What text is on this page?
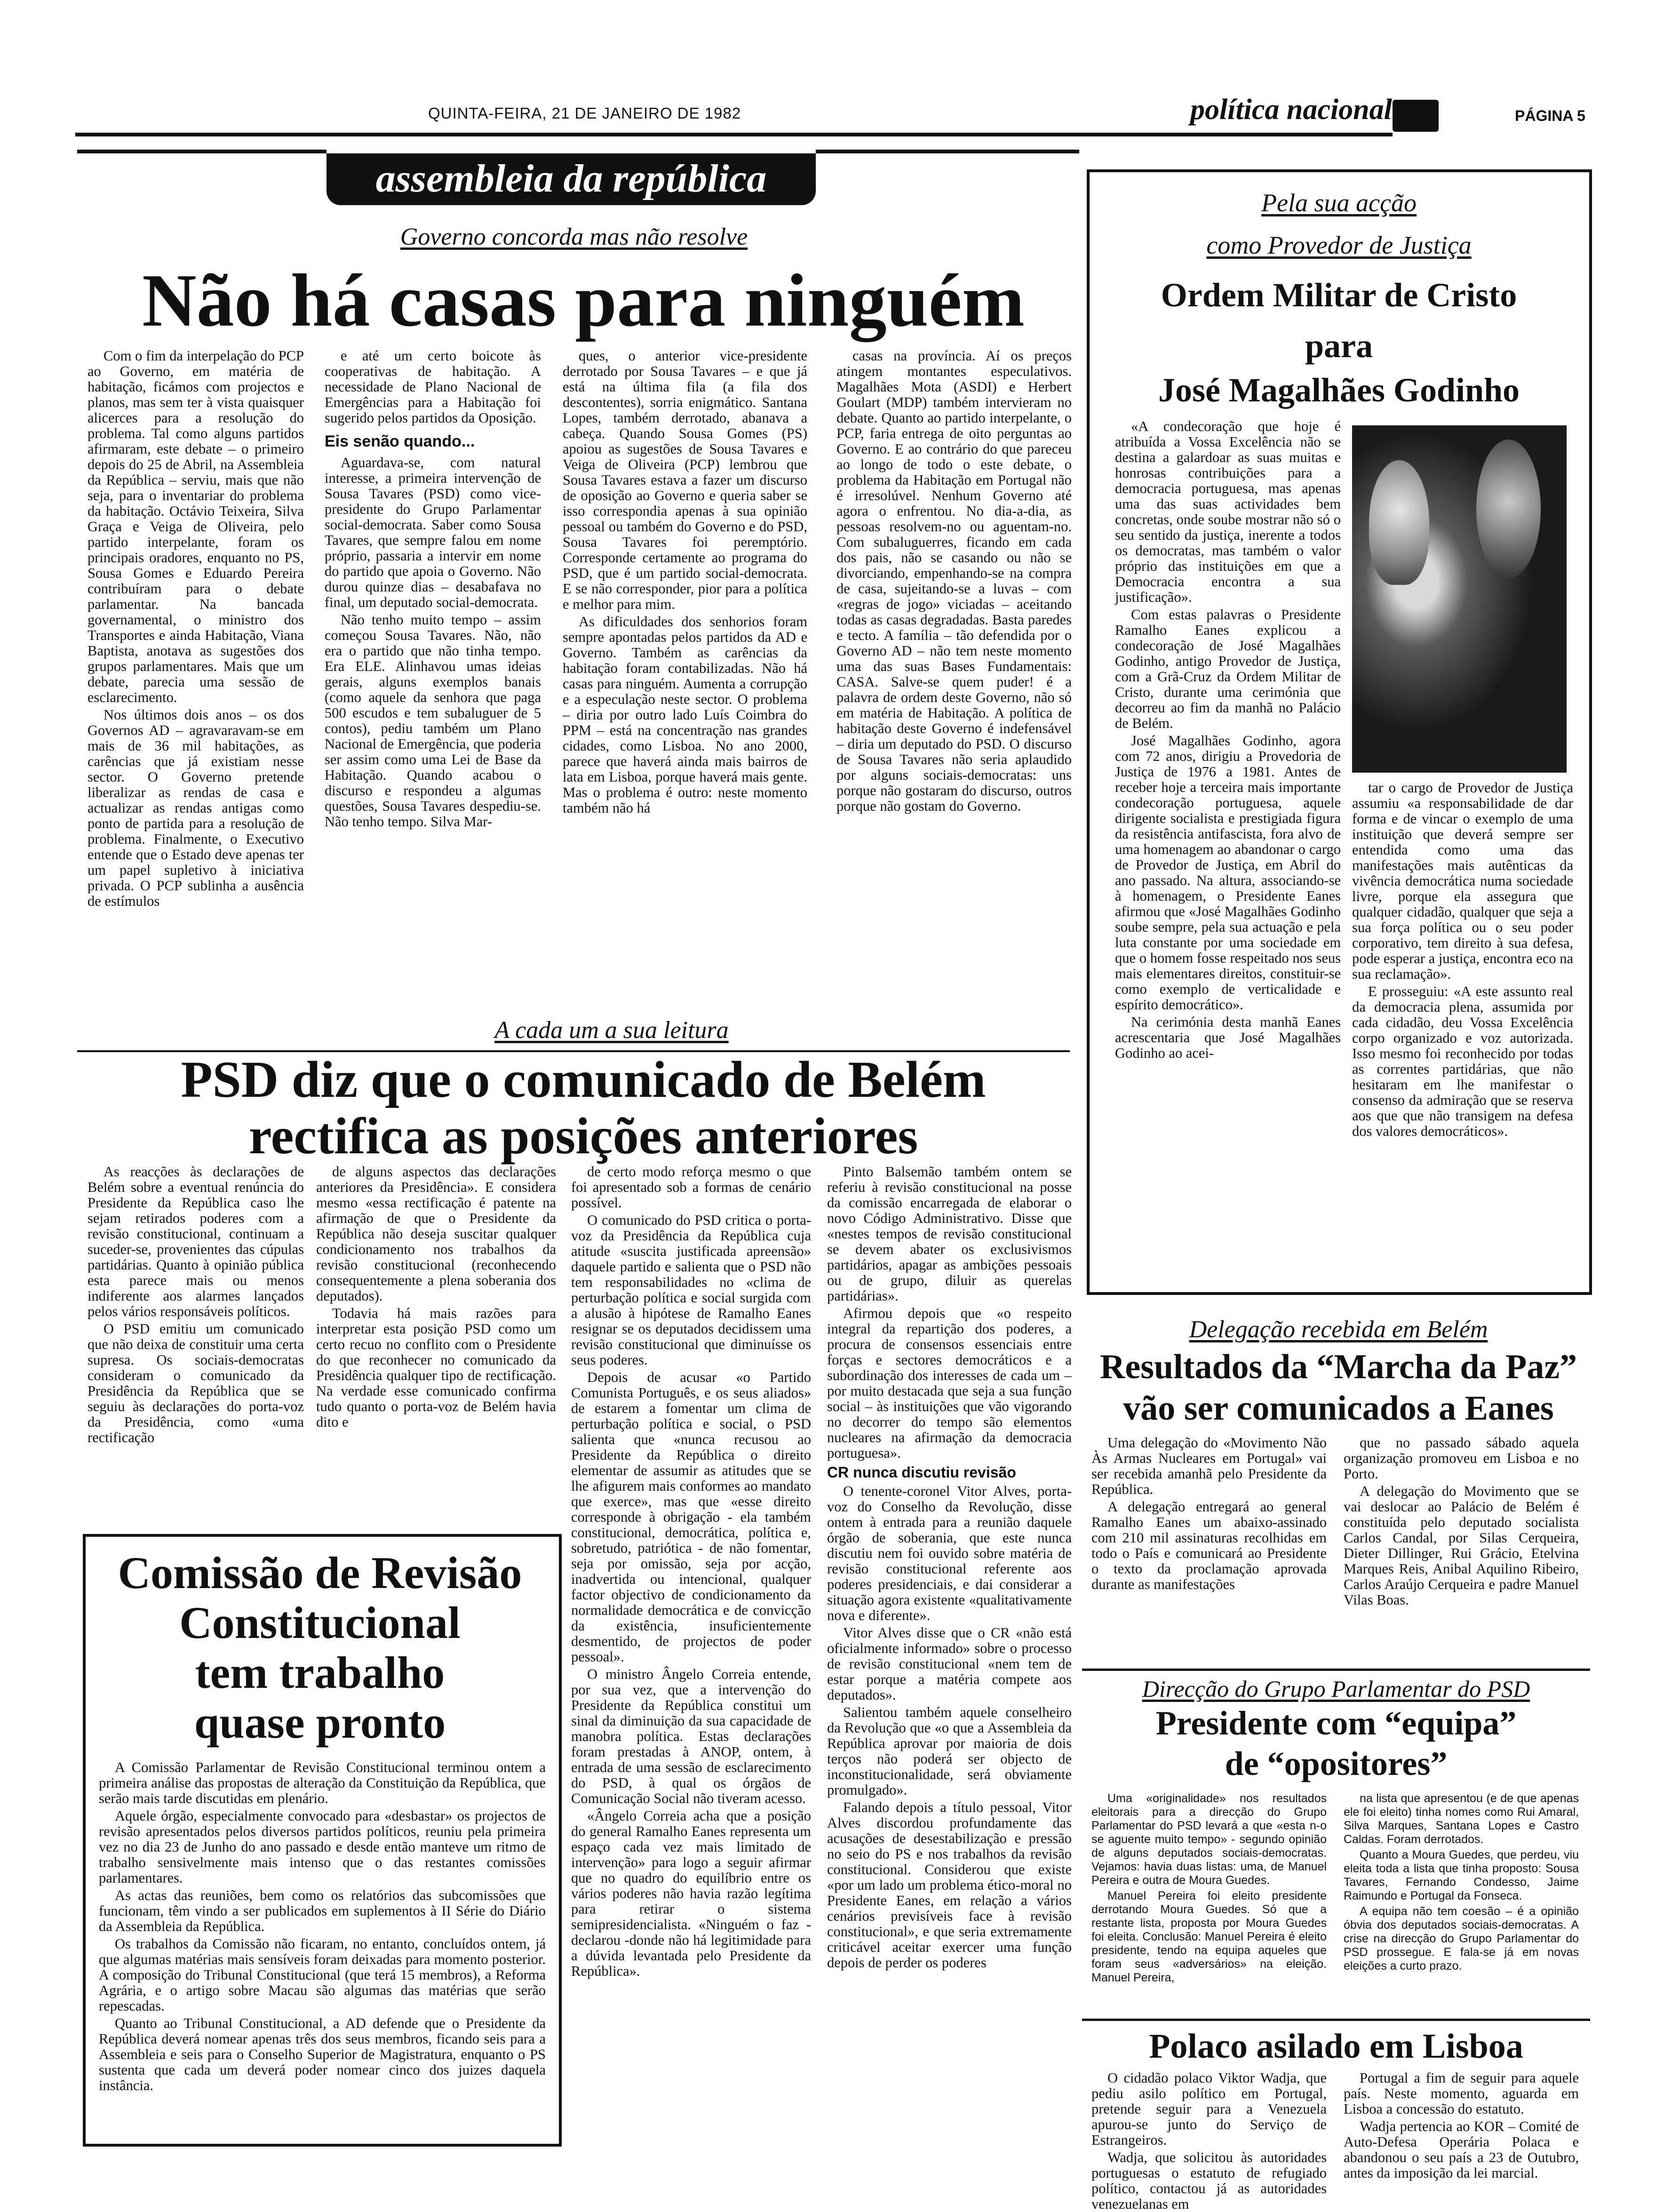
QUINTA-FEIRA, 21 DE JANEIRO DE 1982	política nacional	PÁGINA 5
assembleia da república
Governo concorda mas não resolve
Não há casas para ninguém

Com o fim da interpelação do PCP ao Governo, em matéria de habitação, ficámos com projectos e planos, mas sem ter à vista quaisquer alicerces para a resolução do problema. Tal como alguns partidos afirmaram, este debate – o primeiro depois do 25 de Abril, na Assembleia da República – serviu, mais que não seja, para o inventariar do problema da habitação. Octávio Teixeira, Silva Graça e Veiga de Oliveira, pelo partido interpelante, foram os principais oradores, enquanto no PS, Sousa Gomes e Eduardo Pereira contribuíram para o debate parlamentar. Na bancada governamental, o ministro dos Transportes e ainda Habitação, Viana Baptista, anotava as sugestões dos grupos parlamentares. Mais que um debate, parecia uma sessão de esclarecimento.

Nos últimos dois anos – os dos Governos AD – agravaravam-se em mais de 36 mil habitações, as carências que já existiam nesse sector. O Governo pretende liberalizar as rendas de casa e actualizar as rendas antigas como ponto de partida para a resolução de problema. Finalmente, o Executivo entende que o Estado deve apenas ter um papel supletivo à iniciativa privada. O PCP sublinha a ausência de estímulos

e até um certo boicote às cooperativas de habitação. A necessidade de Plano Nacional de Emergências para a Habitação foi sugerido pelos partidos da Oposição.

Eis senão quando...

Aguardava-se, com natural interesse, a primeira intervenção de Sousa Tavares (PSD) como vice-presidente do Grupo Parlamentar social-democrata. Saber como Sousa Tavares, que sempre falou em nome próprio, passaria a intervir em nome do partido que apoia o Governo. Não durou quinze dias – desabafava no final, um deputado social-democrata.

Não tenho muito tempo – assim começou Sousa Tavares. Não, não era o partido que não tinha tempo. Era ELE. Alinhavou umas ideias gerais, alguns exemplos banais (como aquele da senhora que paga 500 escudos e tem subaluguer de 5 contos), pediu também um Plano Nacional de Emergência, que poderia ser assim como uma Lei de Base da Habitação. Quando acabou o discurso e respondeu a algumas questões, Sousa Tavares despediu-se. Não tenho tempo. Silva Mar-

ques, o anterior vice-presidente derrotado por Sousa Tavares – e que já está na última fila (a fila dos descontentes), sorria enigmático. Santana Lopes, também derrotado, abanava a cabeça. Quando Sousa Gomes (PS) apoiou as sugestões de Sousa Tavares e Veiga de Oliveira (PCP) lembrou que Sousa Tavares estava a fazer um discurso de oposição ao Governo e queria saber se isso correspondia apenas à sua opinião pessoal ou também do Governo e do PSD, Sousa Tavares foi peremptório. Corresponde certamente ao programa do PSD, que é um partido social-democrata. E se não corresponder, pior para a política e melhor para mim.

As dificuldades dos senhorios foram sempre apontadas pelos partidos da AD e Governo. Também as carências da habitação foram contabilizadas. Não há casas para ninguém. Aumenta a corrupção e a especulação neste sector. O problema – diria por outro lado Luís Coimbra do PPM – está na concentração nas grandes cidades, como Lisboa. No ano 2000, parece que haverá ainda mais bairros de lata em Lisboa, porque haverá mais gente. Mas o problema é outro: neste momento também não há

casas na província. Aí os preços atingem montantes especulativos. Magalhães Mota (ASDI) e Herbert Goulart (MDP) também intervieram no debate. Quanto ao partido interpelante, o PCP, faria entrega de oito perguntas ao Governo. E ao contrário do que pareceu ao longo de todo o este debate, o problema da Habitação em Portugal não é irresolúvel. Nenhum Governo até agora o enfrentou. No dia-a-dia, as pessoas resolvem-no ou aguentam-no. Com subaluguerres, ficando em cada dos pais, não se casando ou não se divorciando, empenhando-se na compra de casa, sujeitando-se a luvas – com «regras de jogo» viciadas – aceitando todas as casas degradadas. Basta paredes e tecto. A família – tão defendida por o Governo AD – não tem neste momento uma das suas Bases Fundamentais: CASA. Salve-se quem puder! é a palavra de ordem deste Governo, não só em matéria de Habitação. A política de habitação deste Governo é indefensável – diria um deputado do PSD. O discurso de Sousa Tavares não seria aplaudido por alguns sociais-democratas: uns porque não gostaram do discurso, outros porque não gostam do Governo.

A cada um a sua leitura
PSD diz que o comunicado de Belém
rectifica as posições anteriores

As reacções às declarações de Belém sobre a eventual renúncia do Presidente da República caso lhe sejam retirados poderes com a revisão constitucional, continuam a suceder-se, provenientes das cúpulas partidárias. Quanto à opinião pública esta parece mais ou menos indiferente aos alarmes lançados pelos vários responsáveis políticos.

O PSD emitiu um comunicado que não deixa de constituir uma certa supresa. Os sociais-democratas consideram o comunicado da Presidência da República que se seguiu às declarações do porta-voz da Presidência, como «uma rectificação

de alguns aspectos das declarações anteriores da Presidência». E considera mesmo «essa rectificação é patente na afirmação de que o Presidente da República não deseja suscitar qualquer condicionamento nos trabalhos da revisão constitucional (reconhecendo consequentemente a plena soberania dos deputados).

Todavia há mais razões para interpretar esta posição PSD como um certo recuo no conflito com o Presidente do que reconhecer no comunicado da Presidência qualquer tipo de rectificação. Na verdade esse comunicado confirma tudo quanto o porta-voz de Belém havia dito e

de certo modo reforça mesmo o que foi apresentado sob a formas de cenário possível.

O comunicado do PSD critica o porta-voz da Presidência da República cuja atitude «suscita justificada apreensão» daquele partido e salienta que o PSD não tem responsabilidades no «clima de perturbação política e social surgida com a alusão à hipótese de Ramalho Eanes resignar se os deputados decidissem uma revisão constitucional que diminuísse os seus poderes.

Depois de acusar «o Partido Comunista Português, e os seus aliados» de estarem a fomentar um clima de perturbação política e social, o PSD salienta que «nunca recusou ao Presidente da República o direito elementar de assumir as atitudes que se lhe afigurem mais conformes ao mandato que exerce», mas que «esse direito corresponde à obrigação - ela também constitucional, democrática, política e, sobretudo, patriótica - de não fomentar, seja por omissão, seja por acção, inadvertida ou intencional, qualquer factor objectivo de condicionamento da normalidade democrática e de convicção da existência, insuficientemente desmentido, de projectos de poder pessoal».

O ministro Ângelo Correia entende, por sua vez, que a intervenção do Presidente da República constitui um sinal da diminuição da sua capacidade de manobra política. Estas declarações foram prestadas à ANOP, ontem, à entrada de uma sessão de esclarecimento do PSD, à qual os órgãos de Comunicação Social não tiveram acesso.

«Ângelo Correia acha que a posição do general Ramalho Eanes representa um espaço cada vez mais limitado de intervenção» para logo a seguir afirmar que no quadro do equilíbrio entre os vários poderes não havia razão legítima para retirar o sistema semipresidencialista. «Ninguém o faz - declarou -donde não há legitimidade para a dúvida levantada pelo Presidente da República».

Pinto Balsemão também ontem se referiu à revisão constitucional na posse da comissão encarregada de elaborar o novo Código Administrativo. Disse que «nestes tempos de revisão constitucional se devem abater os exclusivismos partidários, apagar as ambições pessoais ou de grupo, diluir as querelas partidárias».

Afirmou depois que «o respeito integral da repartição dos poderes, a procura de consensos essenciais entre forças e sectores democráticos e a subordinação dos interesses de cada um – por muito destacada que seja a sua função social – às instituições que vão vigorando no decorrer do tempo são elementos nucleares na afirmação da democracia portuguesa».

CR nunca discutiu revisão

O tenente-coronel Vitor Alves, porta-voz do Conselho da Revolução, disse ontem à entrada para a reunião daquele órgão de soberania, que este nunca discutiu nem foi ouvido sobre matéria de revisão constitucional referente aos poderes presidenciais, e dai considerar a situação agora existente «qualitativamente nova e diferente».

Vitor Alves disse que o CR «não está oficialmente informado» sobre o processo de revisão constitucional «nem tem de estar porque a matéria compete aos deputados».

Salientou também aquele conselheiro da Revolução que «o que a Assembleia da República aprovar por maioria de dois terços não poderá ser objecto de inconstitucionalidade, será obviamente promulgado».

Falando depois a título pessoal, Vitor Alves discordou profundamente das acusações de desestabilização e pressão no seio do PS e nos trabalhos da revisão constitucional. Considerou que existe «por um lado um problema ético-moral no Presidente Eanes, em relação a vários cenários previsíveis face à revisão constitucional», e que seria extremamente criticável aceitar exercer uma função depois de perder os poderes

Comissão de Revisão
Constitucional
tem trabalho
quase pronto

A Comissão Parlamentar de Revisão Constitucional terminou ontem a primeira análise das propostas de alteração da Constituição da República, que serão mais tarde discutidas em plenário.

Aquele órgão, especialmente convocado para «desbastar» os projectos de revisão apresentados pelos diversos partidos políticos, reuniu pela primeira vez no dia 23 de Junho do ano passado e desde então manteve um ritmo de trabalho sensivelmente mais intenso que o das restantes comissões parlamentares.

As actas das reuniões, bem como os relatórios das subcomissões que funcionam, têm vindo a ser publicados em suplementos à II Série do Diário da Assembleia da República.

Os trabalhos da Comissão não ficaram, no entanto, concluídos ontem, já que algumas matérias mais sensíveis foram deixadas para momento posterior. A composição do Tribunal Constitucional (que terá 15 membros), a Reforma Agrária, e o artigo sobre Macau são algumas das matérias que serão repescadas.

Quanto ao Tribunal Constitucional, a AD defende que o Presidente da República deverá nomear apenas três dos seus membros, ficando seis para a Assembleia e seis para o Conselho Superior de Magistratura, enquanto o PS sustenta que cada um deverá poder nomear cinco dos juizes daquela instância.

Pela sua acção
como Provedor de Justiça
Ordem Militar de Cristo
para
José Magalhães Godinho

«A condecoração que hoje é atribuída a Vossa Excelência não se destina a galardoar as suas muitas e honrosas contribuições para a democracia portuguesa, mas apenas uma das suas actividades bem concretas, onde soube mostrar não só o seu sentido da justiça, inerente a todos os democratas, mas também o valor próprio das instituições em que a Democracia encontra a sua justificação».

Com estas palavras o Presidente Ramalho Eanes explicou a condecoração de José Magalhães Godinho, antigo Provedor de Justiça, com a Grã-Cruz da Ordem Militar de Cristo, durante uma cerimónia que decorreu ao fim da manhã no Palácio de Belém.

José Magalhães Godinho, agora com 72 anos, dirigiu a Provedoria de Justiça de 1976 a 1981. Antes de receber hoje a terceira mais importante condecoração portuguesa, aquele dirigente socialista e prestigiada figura da resistência antifascista, fora alvo de uma homenagem ao abandonar o cargo de Provedor de Justiça, em Abril do ano passado. Na altura, associando-se à homenagem, o Presidente Eanes afirmou que «José Magalhães Godinho soube sempre, pela sua actuação e pela luta constante por uma sociedade em que o homem fosse respeitado nos seus mais elementares direitos, constituir-se como exemplo de verticalidade e espírito democrático».

Na cerimónia desta manhã Eanes acrescentaria que José Magalhães Godinho ao acei-

tar o cargo de Provedor de Justiça assumiu «a responsabilidade de dar forma e de vincar o exemplo de uma instituição que deverá sempre ser entendida como uma das manifestações mais autênticas da vivência democrática numa sociedade livre, porque ela assegura que qualquer cidadão, qualquer que seja a sua força política ou o seu poder corporativo, tem direito à sua defesa, pode esperar a justiça, encontra eco na sua reclamação».

E prosseguiu: «A este assunto real da democracia plena, assumida por cada cidadão, deu Vossa Excelência corpo organizado e voz autorizada. Isso mesmo foi reconhecido por todas as correntes partidárias, que não hesitaram em lhe manifestar o consenso da admiração que se reserva aos que que não transigem na defesa dos valores democráticos».

Delegação recebida em Belém
Resultados da “Marcha da Paz”
vão ser comunicados a Eanes

Uma delegação do «Movimento Não Às Armas Nucleares em Portugal» vai ser recebida amanhã pelo Presidente da República.

A delegação entregará ao general Ramalho Eanes um abaixo-assinado com 210 mil assinaturas recolhidas em todo o País e comunicará ao Presidente o texto da proclamação aprovada durante as manifestações

que no passado sábado aquela organização promoveu em Lisboa e no Porto.

A delegação do Movimento que se vai deslocar ao Palácio de Belém é constituída pelo deputado socialista Carlos Candal, por Silas Cerqueira, Dieter Dillinger, Rui Grácio, Etelvina Marques Reis, Anibal Aquilino Ribeiro, Carlos Araújo Cerqueira e padre Manuel Vilas Boas.

Direcção do Grupo Parlamentar do PSD
Presidente com “equipa”
de “opositores”

Uma «originalidade» nos resultados eleitorais para a direcção do Grupo Parlamentar do PSD levará a que «esta n-o se aguente muito tempo» - segundo opinião de alguns deputados sociais-democratas. Vejamos: havia duas listas: uma, de Manuel Pereira e outra de Moura Guedes.

Manuel Pereira foi eleito presidente derrotando Moura Guedes. Só que a restante lista, proposta por Moura Guedes foi eleita. Conclusão: Manuel Pereira é eleito presidente, tendo na equipa aqueles que foram seus «adversários» na eleição. Manuel Pereira,

na lista que apresentou (e de que apenas ele foi eleito) tinha nomes como Rui Amaral, Silva Marques, Santana Lopes e Castro Caldas. Foram derrotados.

Quanto a Moura Guedes, que perdeu, viu eleita toda a lista que tinha proposto: Sousa Tavares, Fernando Condesso, Jaime Raimundo e Portugal da Fonseca.

A equipa não tem coesão – é a opinião óbvia dos deputados sociais-democratas. A crise na direcção do Grupo Parlamentar do PSD prossegue. E fala-se já em novas eleições a curto prazo.

Polaco asilado em Lisboa

O cidadão polaco Viktor Wadja, que pediu asilo político em Portugal, pretende seguir para a Venezuela apurou-se junto do Serviço de Estrangeiros.

Wadja, que solicitou às autoridades portuguesas o estatuto de refugiado político, contactou já as autoridades venezuelanas em

Portugal a fim de seguir para aquele país. Neste momento, aguarda em Lisboa a concessão do estatuto.

Wadja pertencia ao KOR – Comité de Auto-Defesa Operária Polaca e abandonou o seu país a 23 de Outubro, antes da imposição da lei marcial.
